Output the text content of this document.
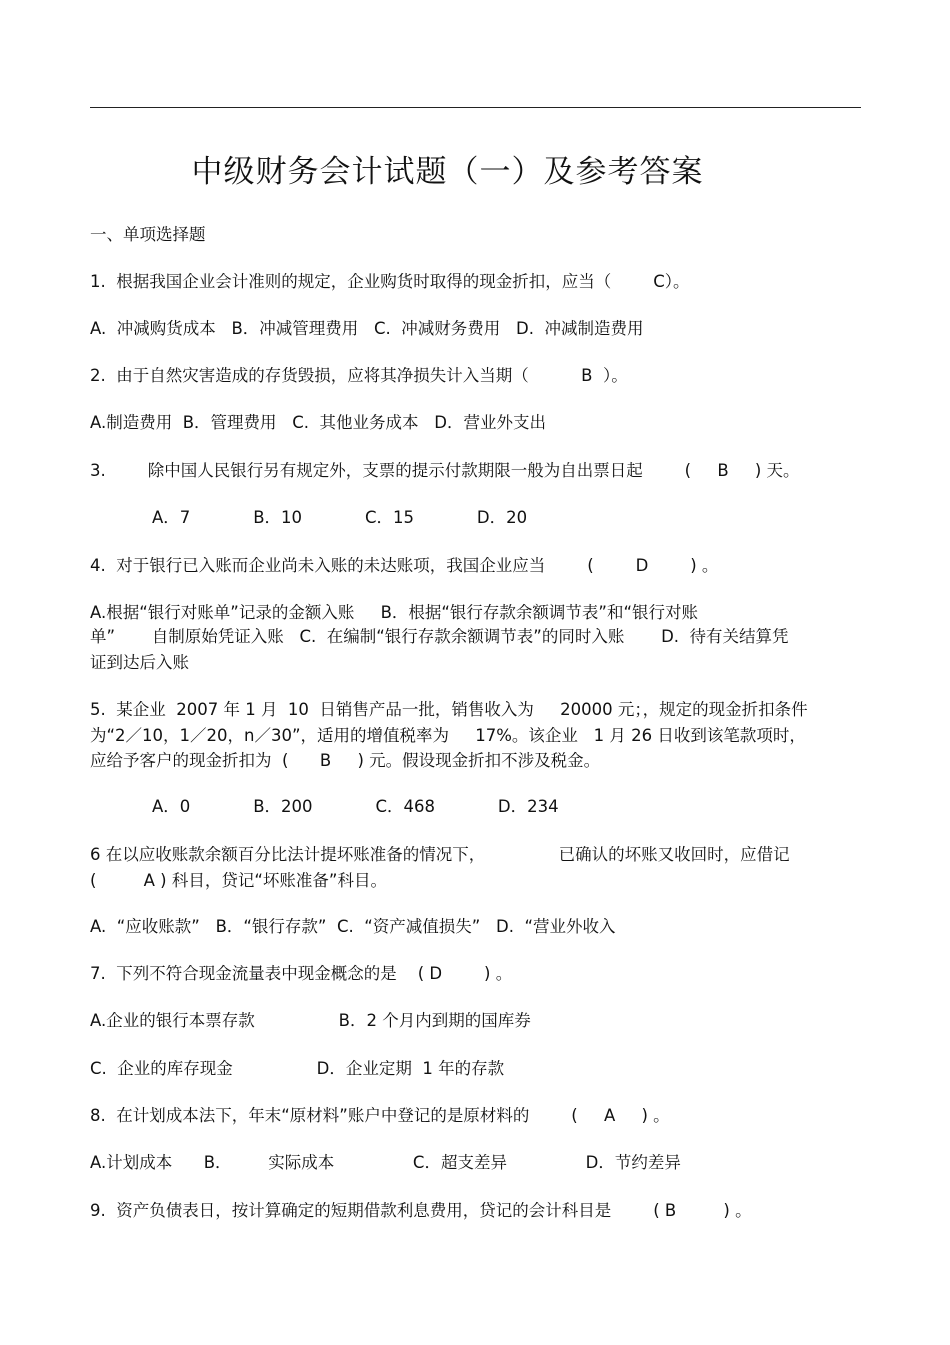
中级财务会计试题（一）及参考答案
一、单项选择题
1.  根据我国企业会计准则的规定，企业购货时取得的现金折扣，应当（        C）。
A.  冲减购货成本   B．冲减管理费用   C.  冲减财务费用   D.  冲减制造费用
2.  由于自然灾害造成的存货毁损，应将其净损失计入当期（          B  ）。
A.制造费用  B．管理费用   C.  其他业务成本   D．营业外支出
3.        除中国人民银行另有规定外，支票的提示付款期限一般为自出票日起        (     B     ) 天。
A．7            B．10            C．15            D．20
4.  对于银行已入账而企业尚未入账的未达账项，我国企业应当        (        D        ) 。
A.根据“银行对账单”记录的金额入账     B．根据“银行存款余额调节表”和“银行对账
单”       自制原始凭证入账   C.  在编制“银行存款余额调节表”的同时入账       D.  待有关结算凭
证到达后入账
5.  某企业  2007 年 1 月  10  日销售产品一批，销售收入为     20000 元；，规定的现金折扣条件
为“2／10，1／20，n／30”，适用的增值税率为     17%。该企业   1 月 26 日收到该笔款项时，
应给予客户的现金折扣为  (      B     ) 元。假设现金折扣不涉及税金。
A．0            B．200            C．468            D．234
6 在以应收账款余额百分比法计提坏账准备的情况下，              已确认的坏账又收回时，应借记
(         A ) 科目，贷记“坏账准备”科目。
A.  “应收账款”   B．“银行存款”  C.  “资产减值损失”   D.  “营业外收入
7.  下列不符合现金流量表中现金概念的是    ( D        ) 。
A.企业的银行本票存款                B．2 个月内到期的国库券
C.  企业的库存现金                D．企业定期  1 年的存款
8.  在计划成本法下，年末“原材料”账户中登记的是原材料的        (     A     ) 。
A.计划成本      B．       实际成本               C．超支差异               D．节约差异
9.  资产负债表日，按计算确定的短期借款利息费用，贷记的会计科目是        ( B         ) 。
